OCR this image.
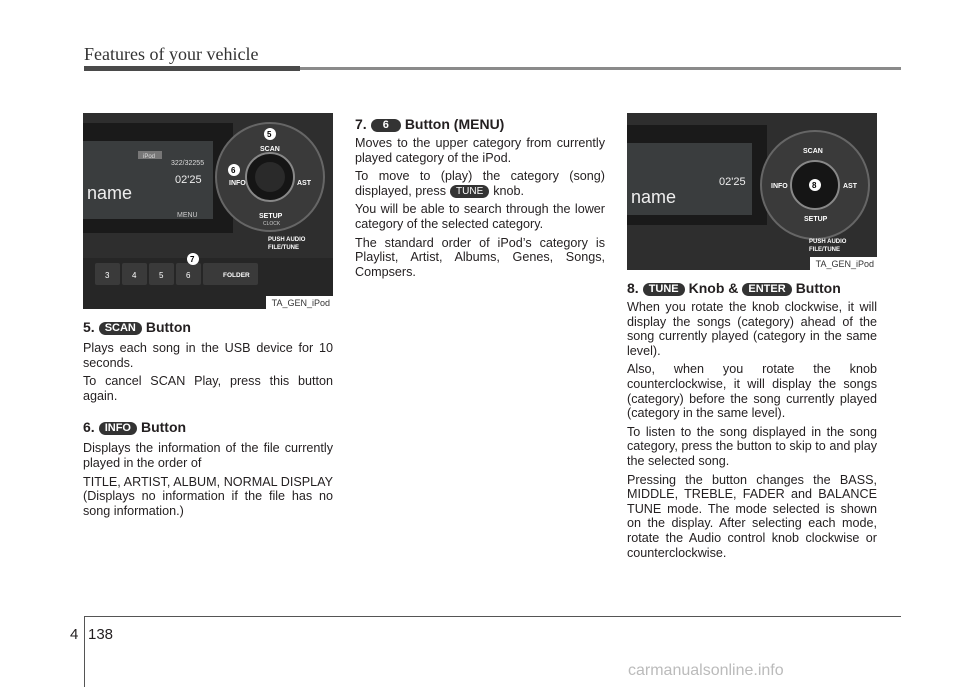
Features of your vehicle
iPod
322/32255
02'25
name
MENU
SCAN
INFO	AST
SETUP
CLOCK
PUSH AUDIO
FILE/TUNE
3	4	5	6	FOLDER
5
6
7
TA_GEN_iPod
5. SCAN Button

Plays each song in the USB device for 10 seconds.

To cancel SCAN Play, press this button again.

6. INFO Button

Displays the information of the file currently played in the order of

TITLE, ARTIST, ALBUM, NORMAL DISPLAY (Displays no information if the file has no song information.)

7. 6 Button (MENU)

Moves to the upper category from currently played category of the iPod.

To move to (play) the category (song) displayed, press TUNE knob.

You will be able to search through the lower category of the selected category.

The standard order of iPod’s category is Playlist, Artist, Albums, Genes, Songs, Compsers.

name
02'25
SCAN
INFO	AST
SETUP
PUSH AUDIO
FILE/TUNE
8
TA_GEN_iPod
8. TUNE Knob & ENTER Button

When you rotate the knob clockwise, it will display the songs (category) ahead of the song currently played (category in the same level).

Also, when you rotate the knob counterclockwise, it will display the songs (category) before the song currently played (category in the same level).

To listen to the song displayed in the song category, press the button to skip to and play the selected song.

Pressing the button changes the BASS, MIDDLE, TREBLE, FADER and BALANCE TUNE mode. The mode selected is shown on the display. After selecting each mode, rotate the Audio control knob clockwise or counterclockwise.

4 138
carmanualsonline.info
